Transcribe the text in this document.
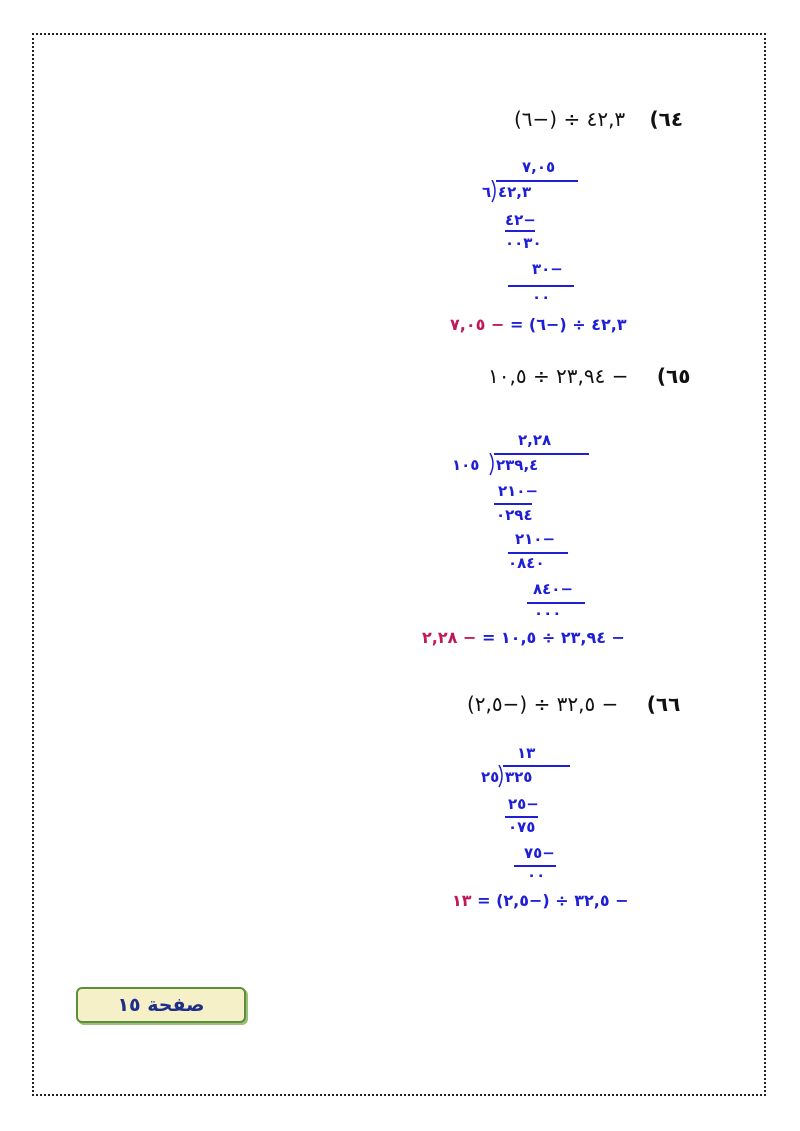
(٦−) ÷ ٤٢,٣ (٦٤
٧,٠٥
٦ ٤٢,٣
٤٢−
٠٠٣٠
٣٠−
٠٠
٧,٠٥ − = (٦−) ÷ ٤٢,٣
١٠,٥ ÷ ٢٣,٩٤ − (٦٥
٢,٢٨
١٠٥ ٢٣٩,٤
٢١٠−
٠٢٩٤
٢١٠−
٠٨٤٠
٨٤٠−
٠٠٠
٢,٢٨ − = ١٠,٥ ÷ ٢٣,٩٤ −
(٢,٥−) ÷ ٣٢,٥ − (٦٦
١٣
٢٥ ٣٢٥
٢٥−
٠٧٥
٧٥−
٠٠
١٣ = (٢,٥−) ÷ ٣٢,٥ −
صفحة ١٥
